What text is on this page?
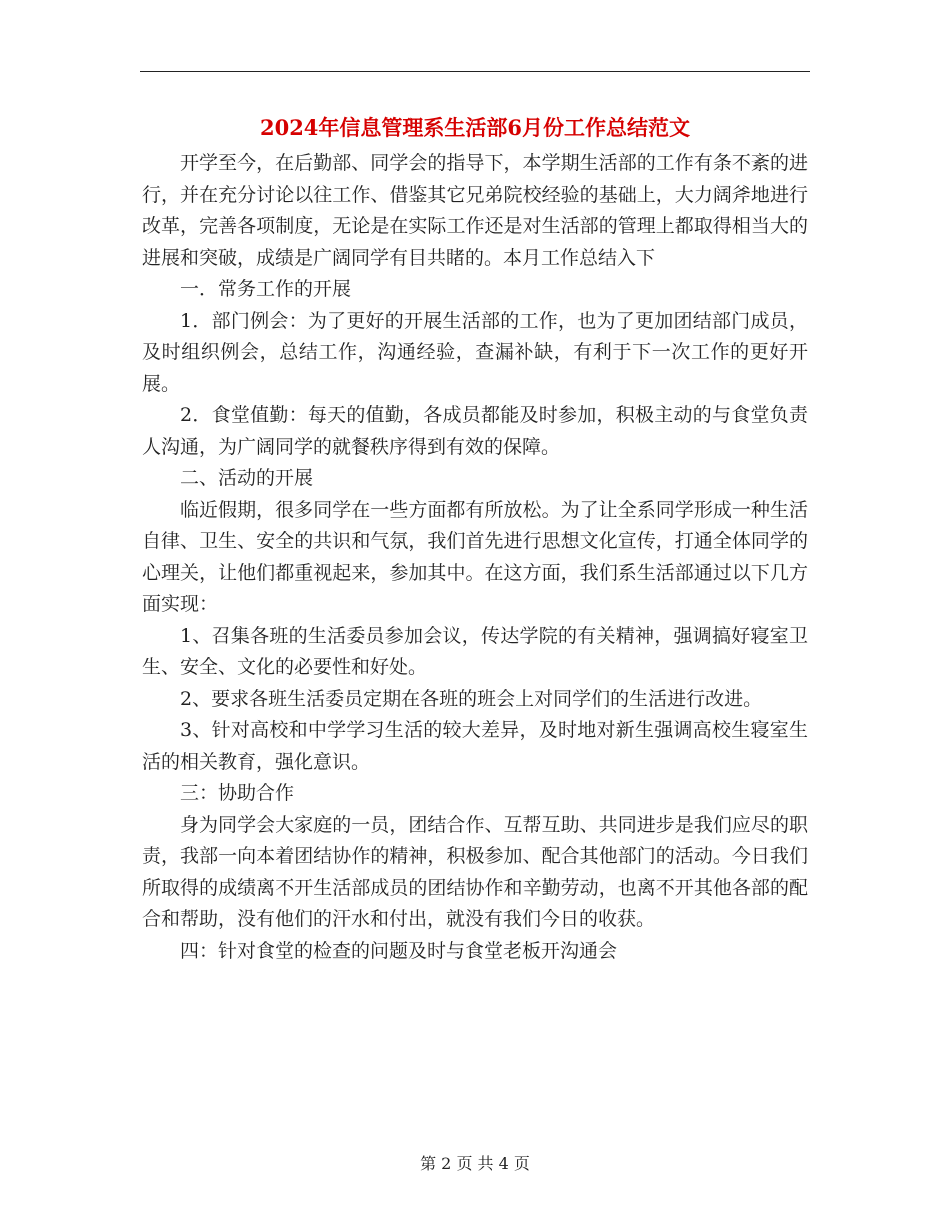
2024年信息管理系生活部6月份工作总结范文

开学至今，在后勤部、同学会的指导下，本学期生活部的工作有条不紊的进行，并在充分讨论以往工作、借鉴其它兄弟院校经验的基础上，大力阔斧地进行改革，完善各项制度，无论是在实际工作还是对生活部的管理上都取得相当大的进展和突破，成绩是广阔同学有目共睹的。本月工作总结入下

一．常务工作的开展

1．部门例会：为了更好的开展生活部的工作，也为了更加团结部门成员，及时组织例会，总结工作，沟通经验，查漏补缺，有利于下一次工作的更好开展。

2．食堂值勤：每天的值勤，各成员都能及时参加，积极主动的与食堂负责人沟通，为广阔同学的就餐秩序得到有效的保障。

二、活动的开展

临近假期，很多同学在一些方面都有所放松。为了让全系同学形成一种生活自律、卫生、安全的共识和气氛，我们首先进行思想文化宣传，打通全体同学的心理关，让他们都重视起来，参加其中。在这方面，我们系生活部通过以下几方面实现：

1、召集各班的生活委员参加会议，传达学院的有关精神，强调搞好寝室卫生、安全、文化的必要性和好处。

2、要求各班生活委员定期在各班的班会上对同学们的生活进行改进。

3、针对高校和中学学习生活的较大差异，及时地对新生强调高校生寝室生活的相关教育，强化意识。

三：协助合作

身为同学会大家庭的一员，团结合作、互帮互助、共同进步是我们应尽的职责，我部一向本着团结协作的精神，积极参加、配合其他部门的活动。今日我们所取得的成绩离不开生活部成员的团结协作和辛勤劳动，也离不开其他各部的配合和帮助，没有他们的汗水和付出，就没有我们今日的收获。

四：针对食堂的检查的问题及时与食堂老板开沟通会

第 2 页 共 4 页
